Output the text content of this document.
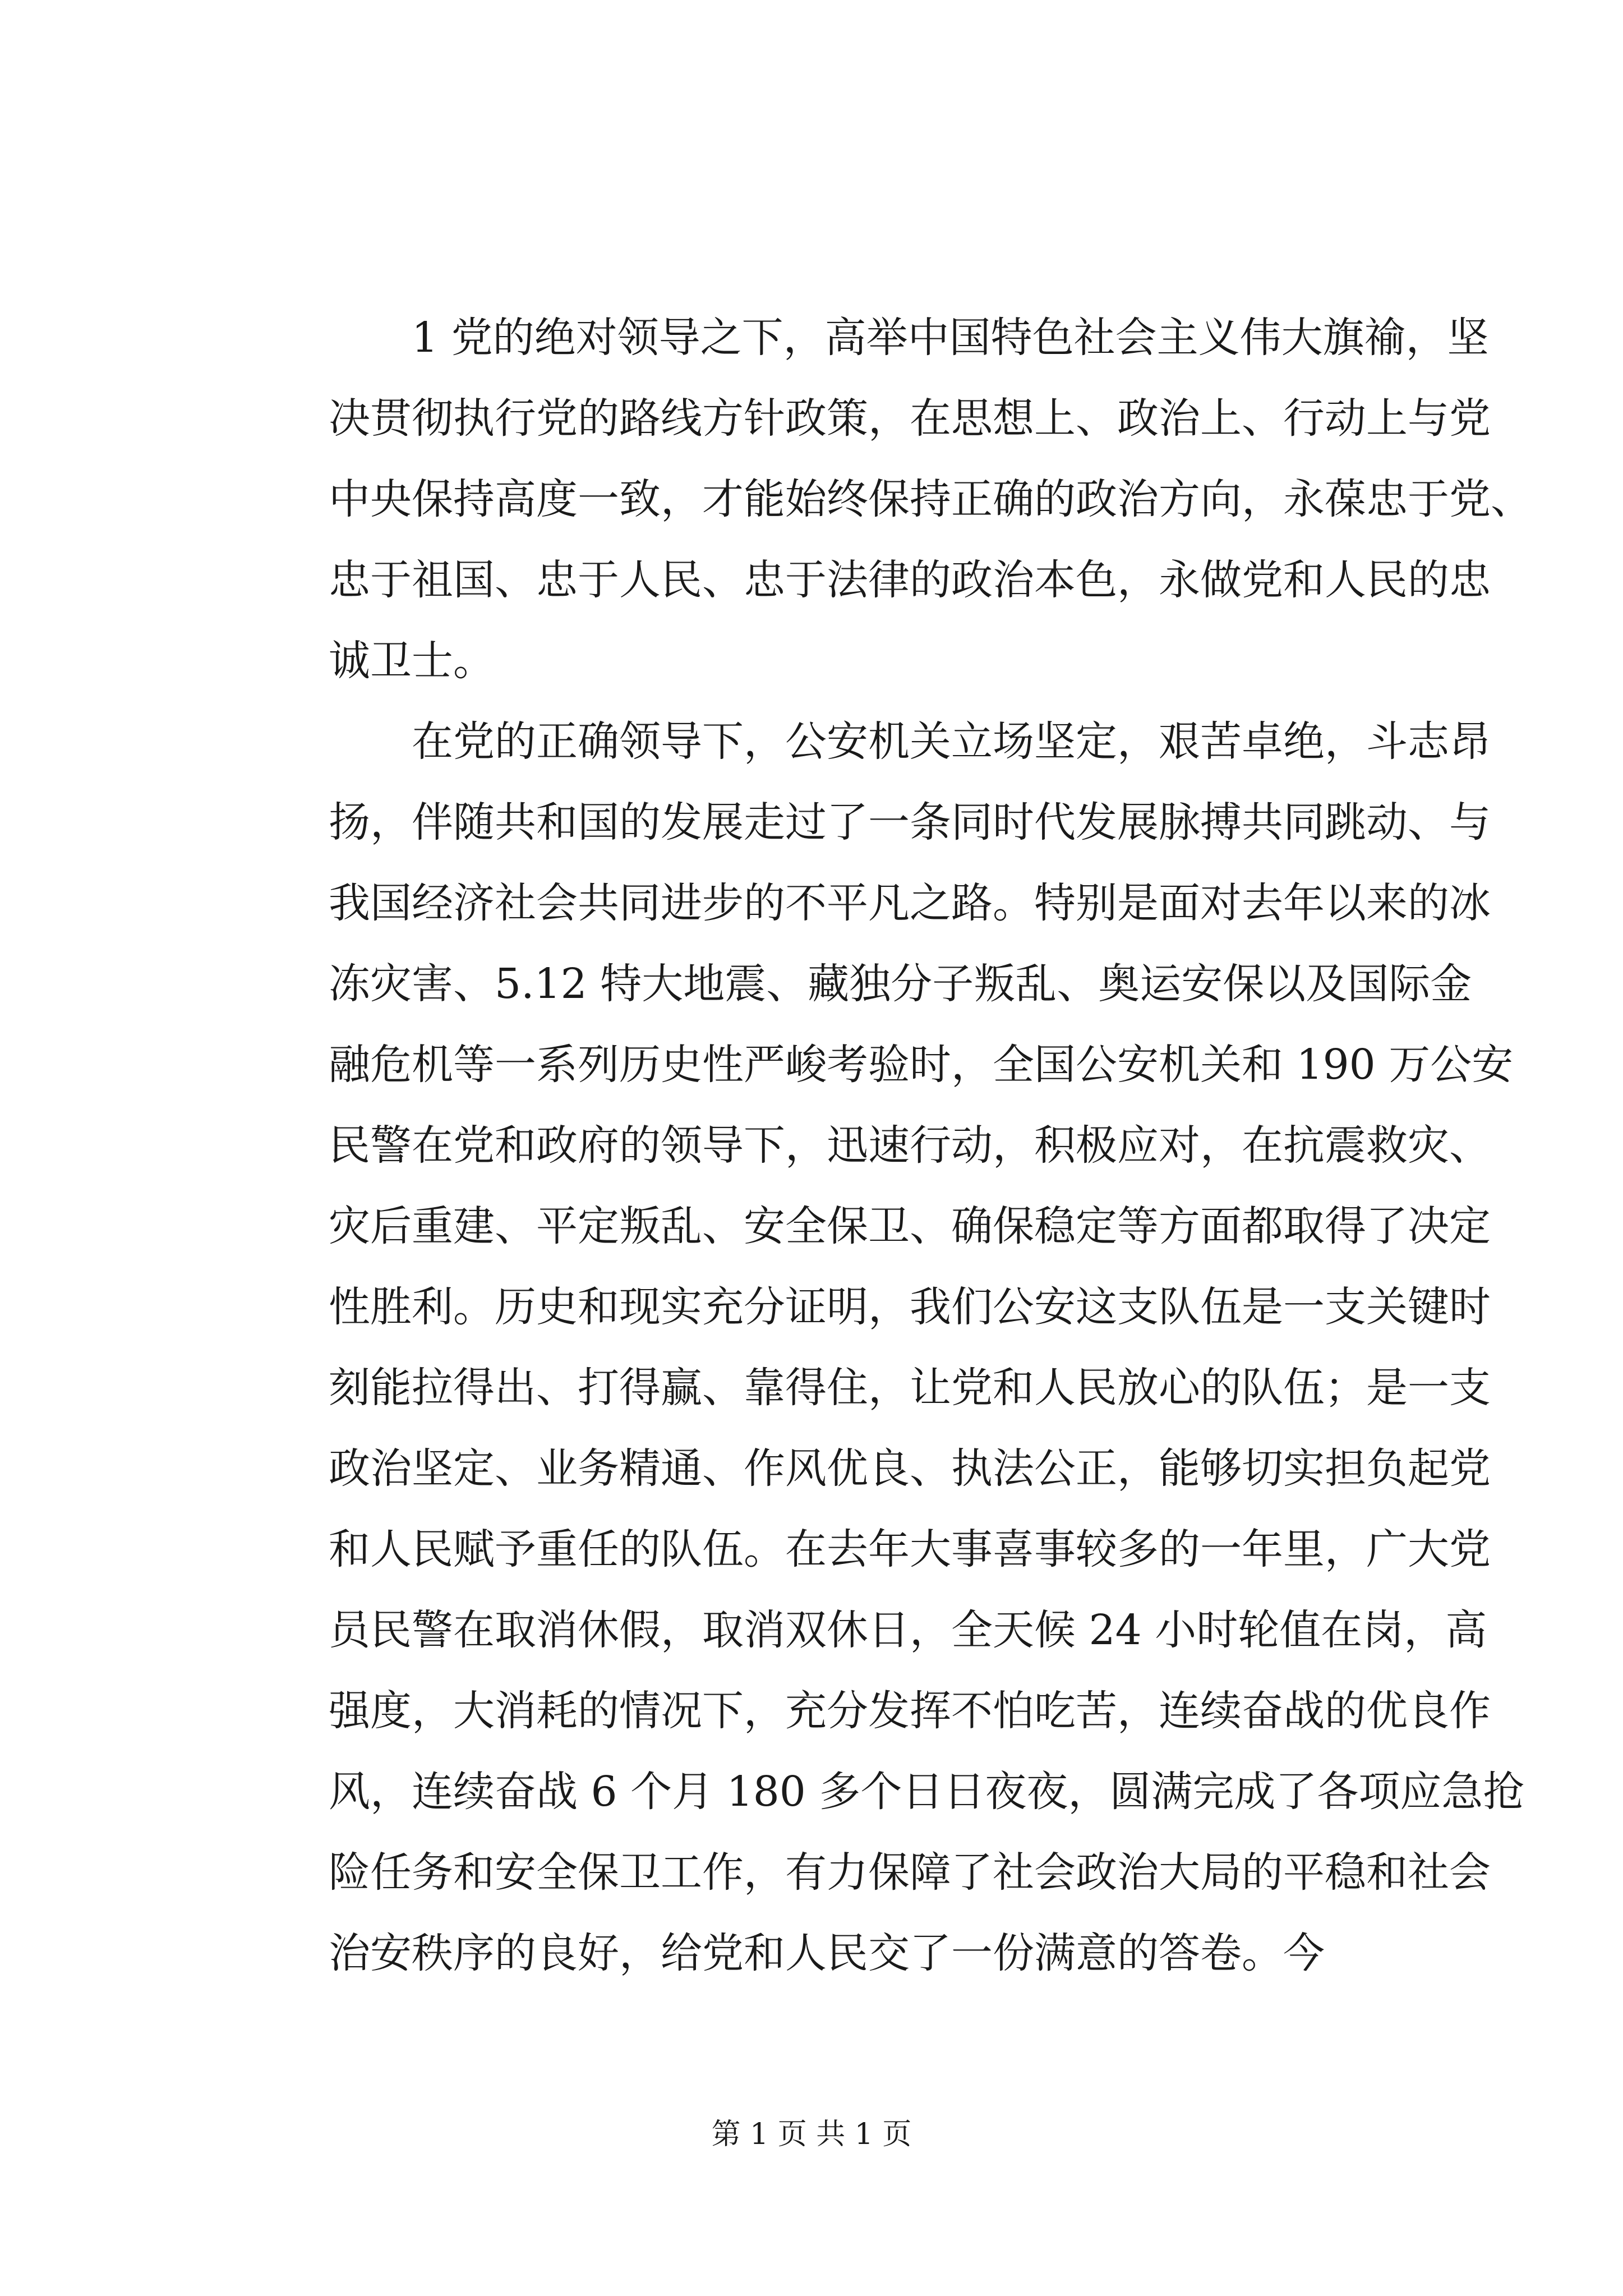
1 党的绝对领导之下，高举中国特色社会主义伟大旗䄖，坚
决贯彻执行党的路线方针政策，在思想上、政治上、行动上与党
中央保持高度一致，才能始终保持正确的政治方向，永葆忠于党、
忠于祖国、忠于人民、忠于法律的政治本色，永做党和人民的忠
诚卫士。
在党的正确领导下，公安机关立场坚定，艰苦卓绝，斗志昂
扬，伴随共和国的发展走过了一条同时代发展脉搏共同跳动、与
我国经济社会共同进步的不平凡之路。特别是面对去年以来的冰
冻灾害、5.12 特大地震、藏独分子叛乱、奥运安保以及国际金
融危机等一系列历史性严峻考验时，全国公安机关和 190 万公安
民警在党和政府的领导下，迅速行动，积极应对，在抗震救灾、
灾后重建、平定叛乱、安全保卫、确保稳定等方面都取得了决定
性胜利。历史和现实充分证明，我们公安这支队伍是一支关键时
刻能拉得出、打得赢、靠得住，让党和人民放心的队伍；是一支
政治坚定、业务精通、作风优良、执法公正，能够切实担负起党
和人民赋予重任的队伍。在去年大事喜事较多的一年里，广大党
员民警在取消休假，取消双休日，全天候 24 小时轮值在岗，高
强度，大消耗的情况下，充分发挥不怕吃苦，连续奋战的优良作
风，连续奋战 6 个月 180 多个日日夜夜，圆满完成了各项应急抢
险任务和安全保卫工作，有力保障了社会政治大局的平稳和社会
治安秩序的良好，给党和人民交了一份满意的答卷。今
第 1 页 共 1 页
